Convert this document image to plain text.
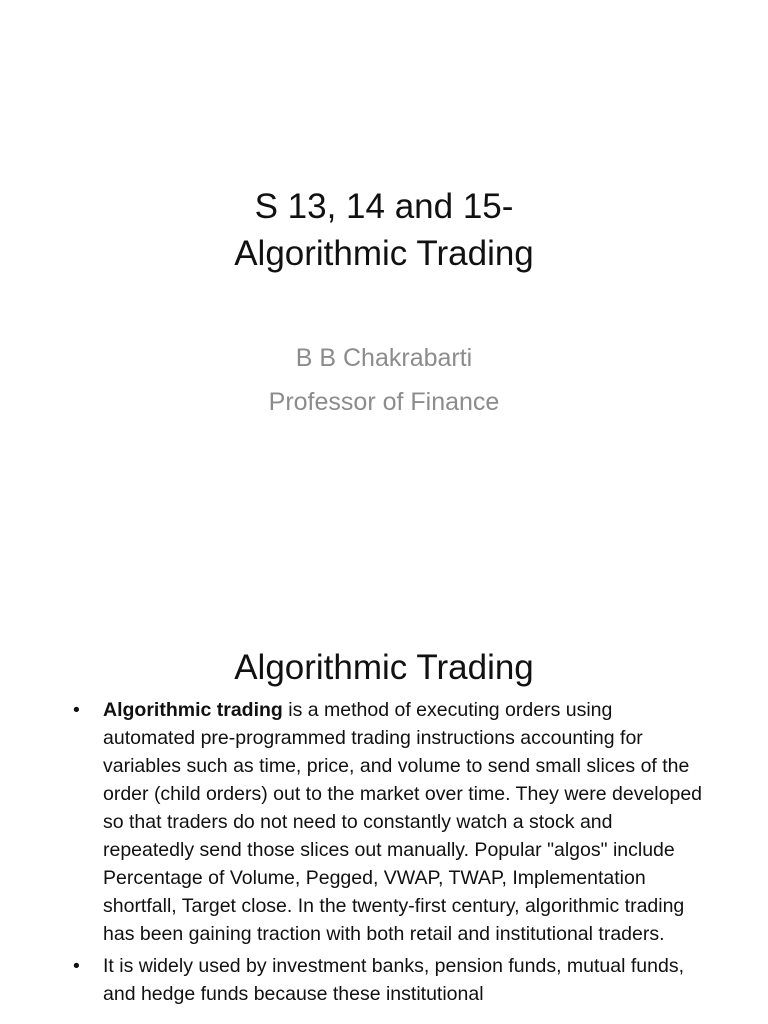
S 13, 14 and 15-
Algorithmic Trading
B B Chakrabarti
Professor of Finance
Algorithmic Trading
• Algorithmic trading is a method of executing orders using automated pre-programmed trading instructions accounting for variables such as time, price, and volume to send small slices of the order (child orders) out to the market over time. They were developed so that traders do not need to constantly watch a stock and repeatedly send those slices out manually. Popular "algos" include Percentage of Volume, Pegged, VWAP, TWAP, Implementation shortfall, Target close. In the twenty-first century, algorithmic trading has been gaining traction with both retail and institutional traders.
• It is widely used by investment banks, pension funds, mutual funds, and hedge funds because these institutional
